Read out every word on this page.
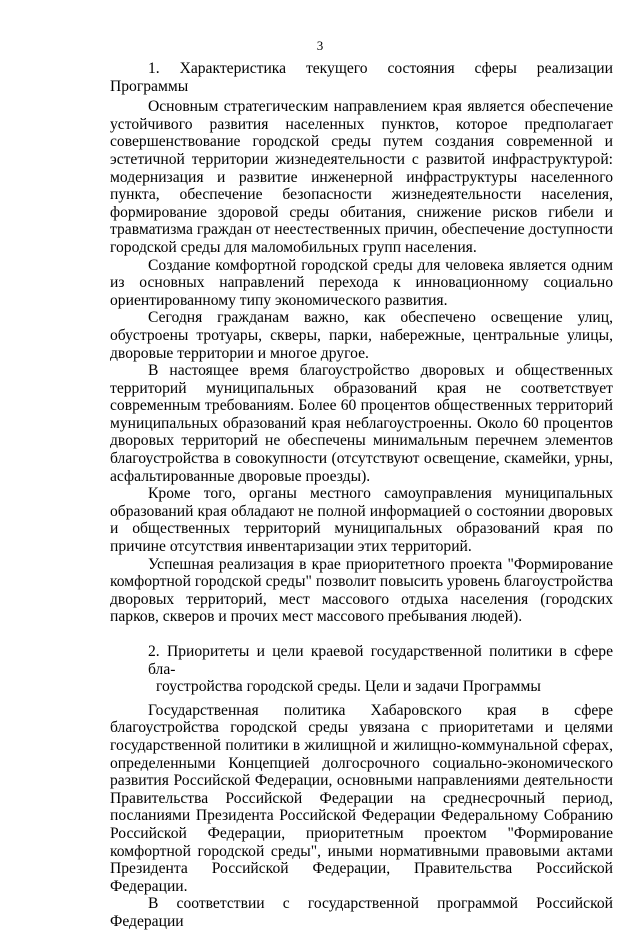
3
1. Характеристика текущего состояния сферы реализации Программы

Основным стратегическим направлением края является обеспечение устойчивого развития населенных пунктов, которое предполагает совершенствование городской среды путем создания современной и эстетичной территории жизнедеятельности с развитой инфраструктурой: модернизация и развитие инженерной инфраструктуры населенного пункта, обеспечение безопасности жизнедеятельности населения, формирование здоровой среды обитания, снижение рисков гибели и травматизма граждан от неестественных причин, обеспечение доступности городской среды для маломобильных групп населения.

Создание комфортной городской среды для человека является одним из основных направлений перехода к инновационному социально ориентированному типу экономического развития.

Сегодня гражданам важно, как обеспечено освещение улиц, обустроены тротуары, скверы, парки, набережные, центральные улицы, дворовые территории и многое другое.

В настоящее время благоустройство дворовых и общественных территорий муниципальных образований края не соответствует современным требованиям. Более 60 процентов общественных территорий муниципальных образований края неблагоустроенны. Около 60 процентов дворовых территорий не обеспечены минимальным перечнем элементов благоустройства в совокупности (отсутствуют освещение, скамейки, урны, асфальтированные дворовые проезды).

Кроме того, органы местного самоуправления муниципальных образований края обладают не полной информацией о состоянии дворовых и общественных территорий муниципальных образований края по причине отсутствия инвентаризации этих территорий.

Успешная реализация в крае приоритетного проекта "Формирование комфортной городской среды" позволит повысить уровень благоустройства дворовых территорий, мест массового отдыха населения (городских парков, скверов и прочих мест массового пребывания людей).

2. Приоритеты и цели краевой государственной политики в сфере бла-
гоустройства городской среды. Цели и задачи Программы

Государственная политика Хабаровского края в сфере благоустройства городской среды увязана с приоритетами и целями государственной политики в жилищной и жилищно-коммунальной сферах, определенными Концепцией долгосрочного социально-экономического развития Российской Федерации, основными направлениями деятельности Правительства Российской Федерации на среднесрочный период, посланиями Президента Российской Федерации Федеральному Собранию Российской Федерации, приоритетным проектом "Формирование комфортной городской среды", иными нормативными правовыми актами Президента Российской Федерации, Правительства Российской Федерации.

В соответствии с государственной программой Российской Федерации
